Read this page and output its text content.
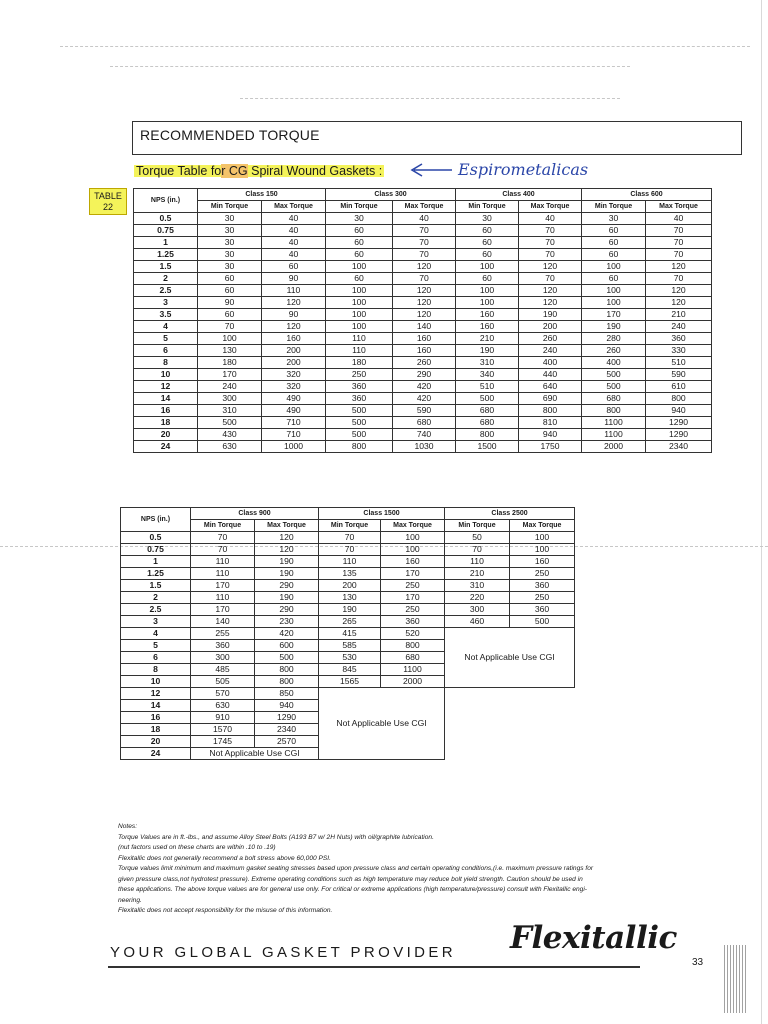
RECOMMENDED TORQUE
Torque Table for CG Spiral Wound Gaskets :	Espirometalicas
TABLE
22
NPS (in.)	Class 150		Class 300		Class 400		Class 600	
	Min Torque	Max Torque	Min Torque	Max Torque	Min Torque	Max Torque	Min Torque	Max Torque
0.5	30	40	30	40	30	40	30	40
0.75	30	40	60	70	60	70	60	70
1	30	40	60	70	60	70	60	70
1.25	30	40	60	70	60	70	60	70
1.5	30	60	100	120	100	120	100	120
2	60	90	60	70	60	70	60	70
2.5	60	110	100	120	100	120	100	120
3	90	120	100	120	100	120	100	120
3.5	60	90	100	120	160	190	170	210
4	70	120	100	140	160	200	190	240
5	100	160	110	160	210	260	280	360
6	130	200	110	160	190	240	260	330
8	180	200	180	260	310	400	400	510
10	170	320	250	290	340	440	500	590
12	240	320	360	420	510	640	500	610
14	300	490	360	420	500	690	680	800
16	310	490	500	590	680	800	800	940
18	500	710	500	680	680	810	1100	1290
20	430	710	500	740	800	940	1100	1290
24	630	1000	800	1030	1500	1750	2000	2340
NPS (in.)	Class 900		Class 1500		Class 2500	
	Min Torque	Max Torque	Min Torque	Max Torque	Min Torque	Max Torque
0.5	70	120	70	100	50	100
0.75	70	120	70	100	70	100
1	110	190	110	160	110	160
1.25	110	190	135	170	210	250
1.5	170	290	200	250	310	360
2	110	190	130	170	220	250
2.5	170	290	190	250	300	360
3	140	230	265	360	460	500
4	255	420	415	520	Not Applicable Use CGI	
5	360	600	585	800		
6	300	500	530	680		
8	485	800	845	1100		
10	505	800	1565	2000		
12	570	850	Not Applicable Use CGI			
14	630	940				
16	910	1290				
18	1570	2340				
20	1745	2570				
24	Not Applicable Use CGI					
Notes:
Torque Values are in ft.-lbs., and assume Alloy Steel Bolts (A193 B7 w/ 2H Nuts) with oil/graphite lubrication.
(nut factors used on these charts are within .10 to .19)
Flexitallic does not generally recommend a bolt stress above 60,000 PSI.
Torque values limit minimum and maximum gasket seating stresses based upon pressure class and certain operating conditions,(i.e. maximum pressure ratings for
given pressure class,not hydrotest pressure). Extreme operating conditions such as high temperature may reduce bolt yield strength. Caution should be used in
these applications. The above torque values are for general use only. For critical or extreme applications (high temperature/pressure) consult with Flexitallic engi-
neering.
Flexitallic does not accept responsibility for the misuse of this information.
YOUR GLOBAL GASKET PROVIDER Flexitallic
33
